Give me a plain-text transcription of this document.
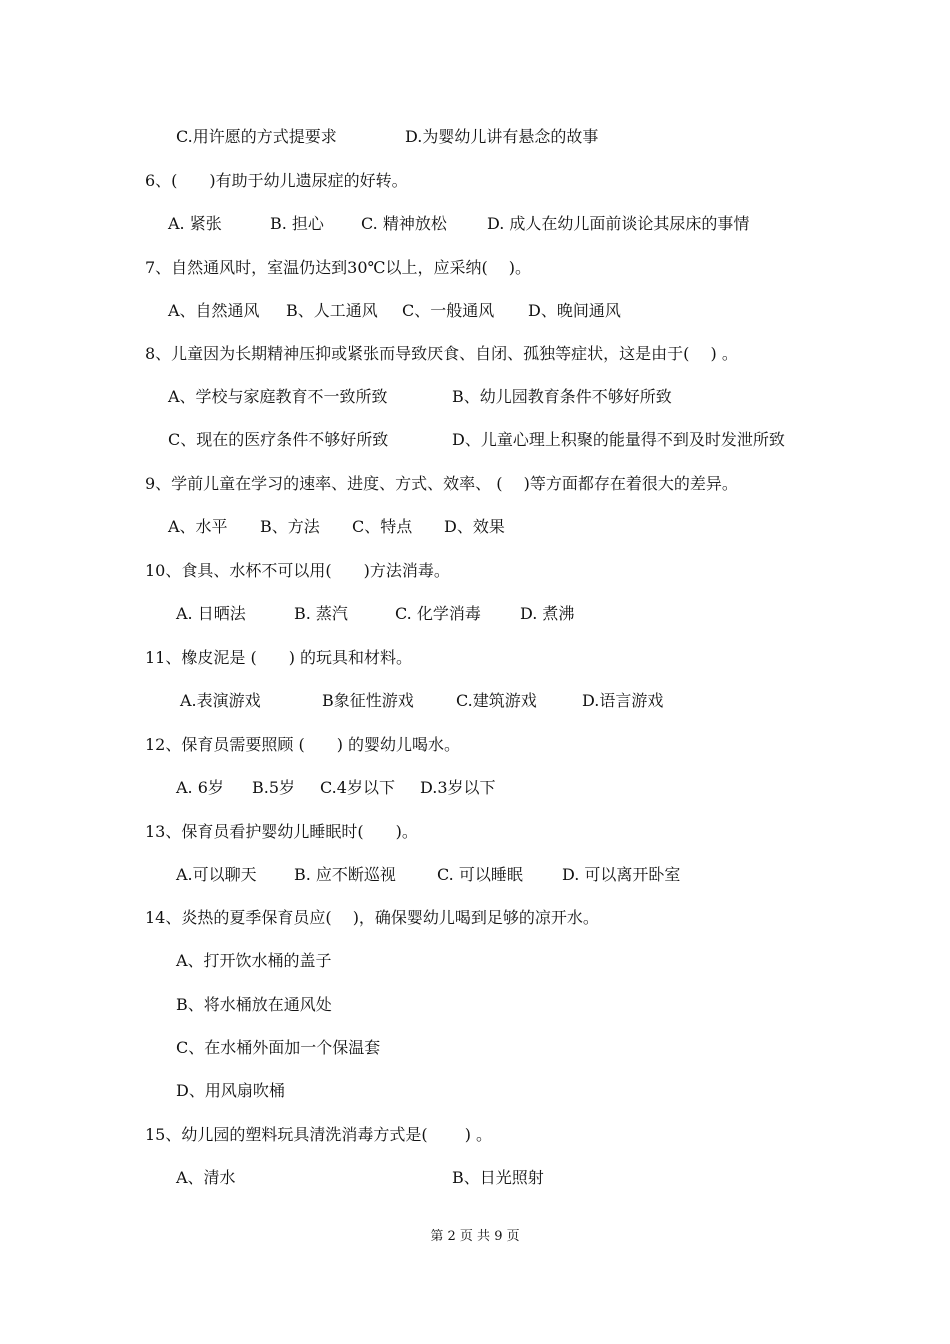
C.用许愿的方式提要求	D.为婴幼儿讲有悬念的故事
6、(　　)有助于幼儿遗尿症的好转。
A. 紧张	B. 担心 C. 精神放松	D. 成人在幼儿面前谈论其尿床的事情
7、自然通风时，室温仍达到30℃以上，应采纳(　 )。
A、自然通风 B、人工通风 C、一般通风 D、晚间通风
8、儿童因为长期精神压抑或紧张而导致厌食、自闭、孤独等症状，这是由于(　 ) 。
A、学校与家庭教育不一致所致	B、幼儿园教育条件不够好所致
C、现在的医疗条件不够好所致	D、儿童心理上积聚的能量得不到及时发泄所致
9、学前儿童在学习的速率、进度、方式、效率、 (　 )等方面都存在着很大的差异。
A、水平 B、方法 C、特点 D、效果
10、食具、水杯不可以用(　　)方法消毒。
A. 日晒法	B. 蒸汽	C. 化学消毒 D. 煮沸
11、橡皮泥是 (　　) 的玩具和材料。
A.表演游戏	B象征性游戏	C.建筑游戏	D.语言游戏
12、保育员需要照顾 (　　) 的婴幼儿喝水。
A. 6岁 B.5岁 C.4岁以下 D.3岁以下
13、保育员看护婴幼儿睡眠时(　　)。
A.可以聊天 B. 应不断巡视	C. 可以睡眠 D. 可以离开卧室
14、炎热的夏季保育员应(　 )，确保婴幼儿喝到足够的凉开水。
A、打开饮水桶的盖子
B、将水桶放在通风处
C、在水桶外面加一个保温套
D、用风扇吹桶
15、幼儿园的塑料玩具清洗消毒方式是(　　 ) 。
A、清水	B、日光照射
第 2 页 共 9 页
